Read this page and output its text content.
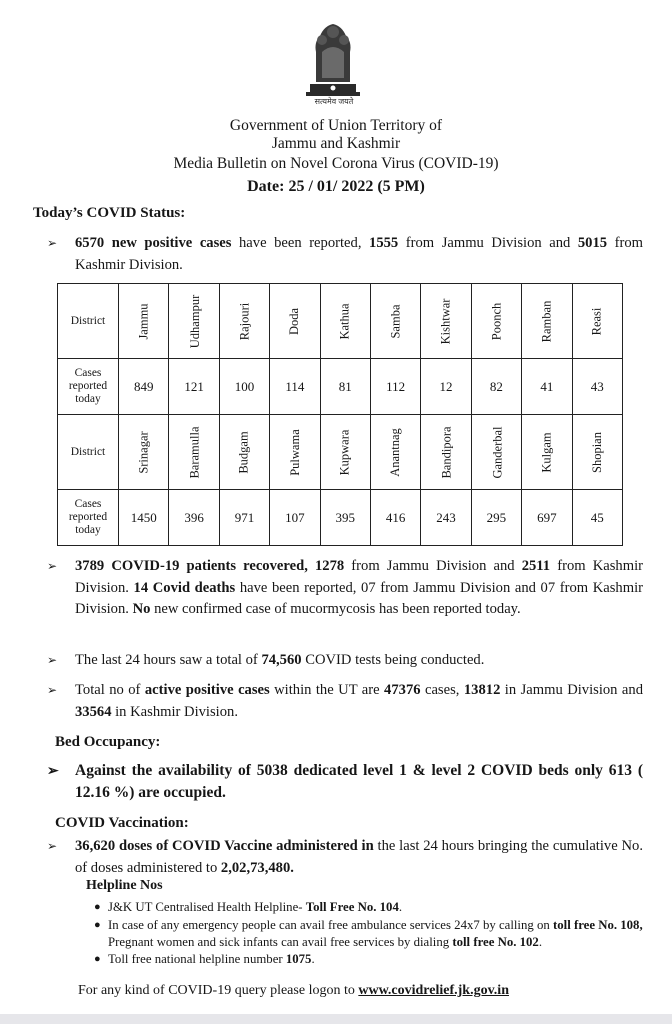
सत्यमेव जयते
Government of Union Territory of
Jammu and Kashmir
Media Bulletin on Novel Corona Virus (COVID-19)
Date: 25 / 01/ 2022 (5 PM)
Today’s COVID Status:
➢	6570 new positive cases have been reported, 1555 from Jammu Division and 5015 from Kashmir Division.
District	Jammu	Udhampur	Rajouri	Doda	Kathua	Samba	Kishtwar	Poonch	Ramban	Reasi
Cases reported today	849	121	100	114	81	112	12	82	41	43
District	Srinagar	Baramulla	Budgam	Pulwama	Kupwara	Anantnag	Bandipora	Ganderbal	Kulgam	Shopian
Cases reported today	1450	396	971	107	395	416	243	295	697	45
➢	3789 COVID-19 patients recovered, 1278 from Jammu Division and 2511 from Kashmir Division. 14 Covid deaths have been reported, 07 from Jammu Division and 07 from Kashmir Division. No new confirmed case of mucormycosis has been reported today.
➢	The last 24 hours saw a total of 74,560 COVID tests being conducted.
➢	Total no of active positive cases within the UT are 47376 cases, 13812 in Jammu Division and 33564 in Kashmir Division.
Bed Occupancy:
➢	Against the availability of 5038 dedicated level 1 & level 2 COVID beds only 613 ( 12.16 %) are occupied.
COVID Vaccination:
➢	36,620 doses of COVID Vaccine administered in the last 24 hours bringing the cumulative No. of doses administered to 2,02,73,480.
Helpline Nos
● J&K UT Centralised Health Helpline- Toll Free No. 104.
● In case of any emergency people can avail free ambulance services 24x7 by calling on toll free No. 108, Pregnant women and sick infants can avail free services by dialing toll free No. 102.
● Toll free national helpline number 1075.
For any kind of COVID-19 query please logon to www.covidrelief.jk.gov.in
